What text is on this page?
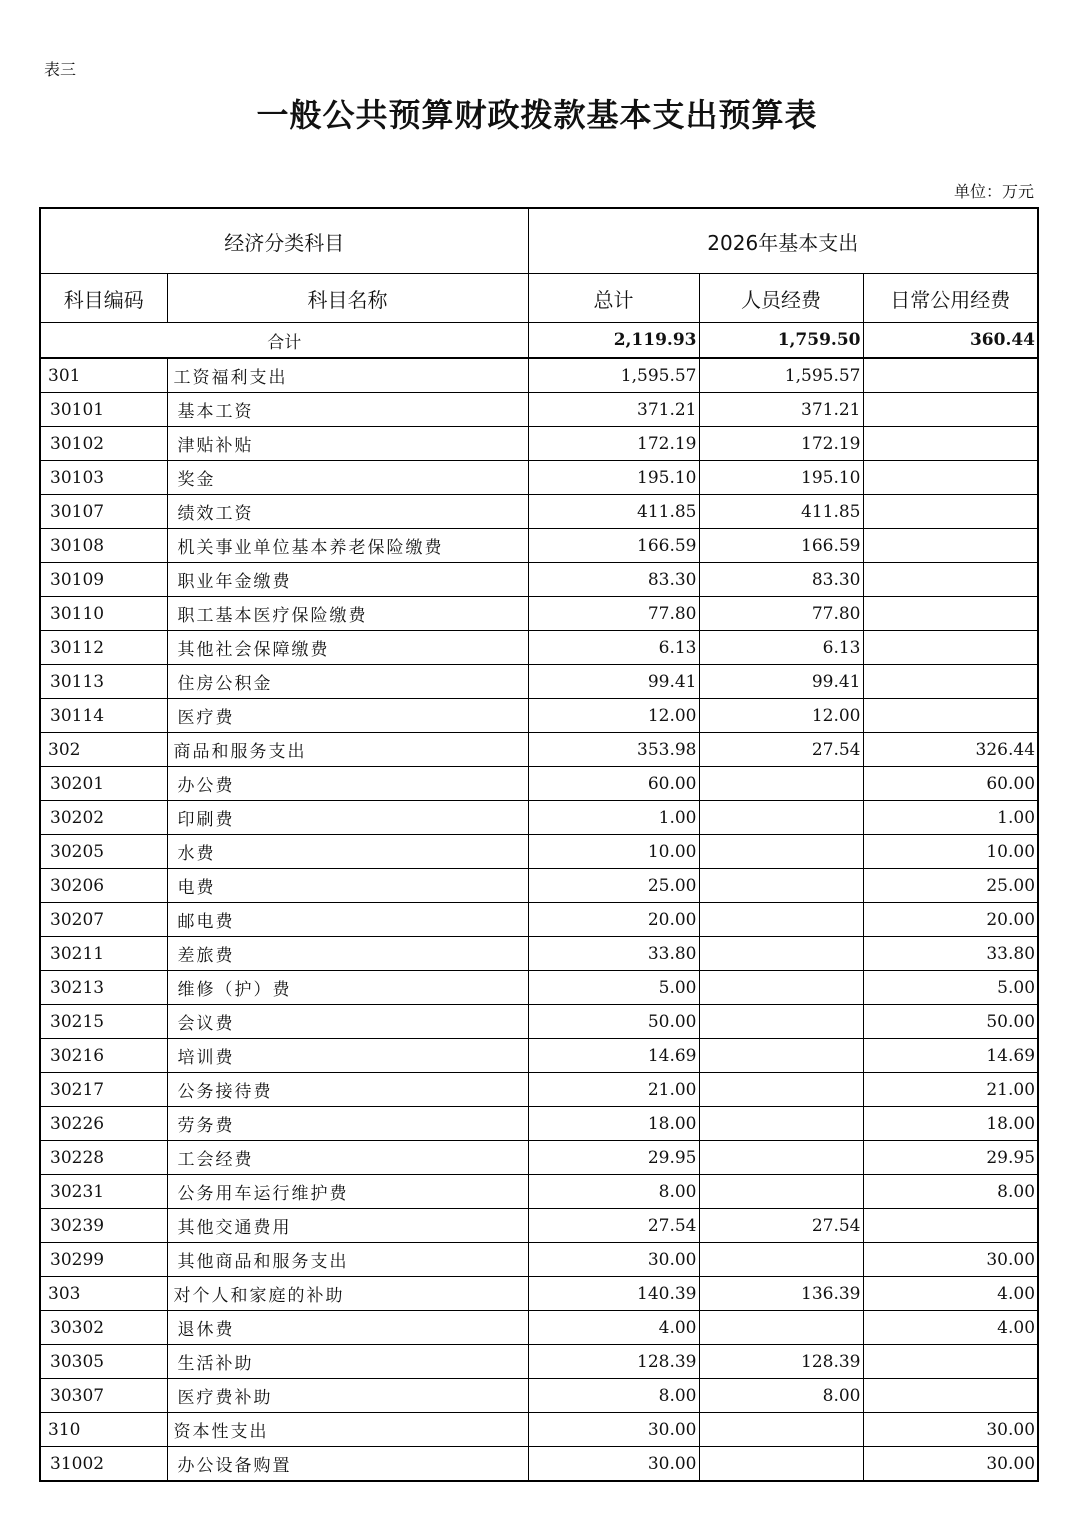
表三
一般公共预算财政拨款基本支出预算表
单位：万元
经济分类科目		2026年基本支出		
科目编码	科目名称	总计	人员经费	日常公用经费
合计		2,119.93	1,759.50	360.44
301	工资福利支出	1,595.57	1,595.57	
30101	基本工资	371.21	371.21	
30102	津贴补贴	172.19	172.19	
30103	奖金	195.10	195.10	
30107	绩效工资	411.85	411.85	
30108	机关事业单位基本养老保险缴费	166.59	166.59	
30109	职业年金缴费	83.30	83.30	
30110	职工基本医疗保险缴费	77.80	77.80	
30112	其他社会保障缴费	6.13	6.13	
30113	住房公积金	99.41	99.41	
30114	医疗费	12.00	12.00	
302	商品和服务支出	353.98	27.54	326.44
30201	办公费	60.00		60.00
30202	印刷费	1.00		1.00
30205	水费	10.00		10.00
30206	电费	25.00		25.00
30207	邮电费	20.00		20.00
30211	差旅费	33.80		33.80
30213	维修（护）费	5.00		5.00
30215	会议费	50.00		50.00
30216	培训费	14.69		14.69
30217	公务接待费	21.00		21.00
30226	劳务费	18.00		18.00
30228	工会经费	29.95		29.95
30231	公务用车运行维护费	8.00		8.00
30239	其他交通费用	27.54	27.54	
30299	其他商品和服务支出	30.00		30.00
303	对个人和家庭的补助	140.39	136.39	4.00
30302	退休费	4.00		4.00
30305	生活补助	128.39	128.39	
30307	医疗费补助	8.00	8.00	
310	资本性支出	30.00		30.00
31002	办公设备购置	30.00		30.00
